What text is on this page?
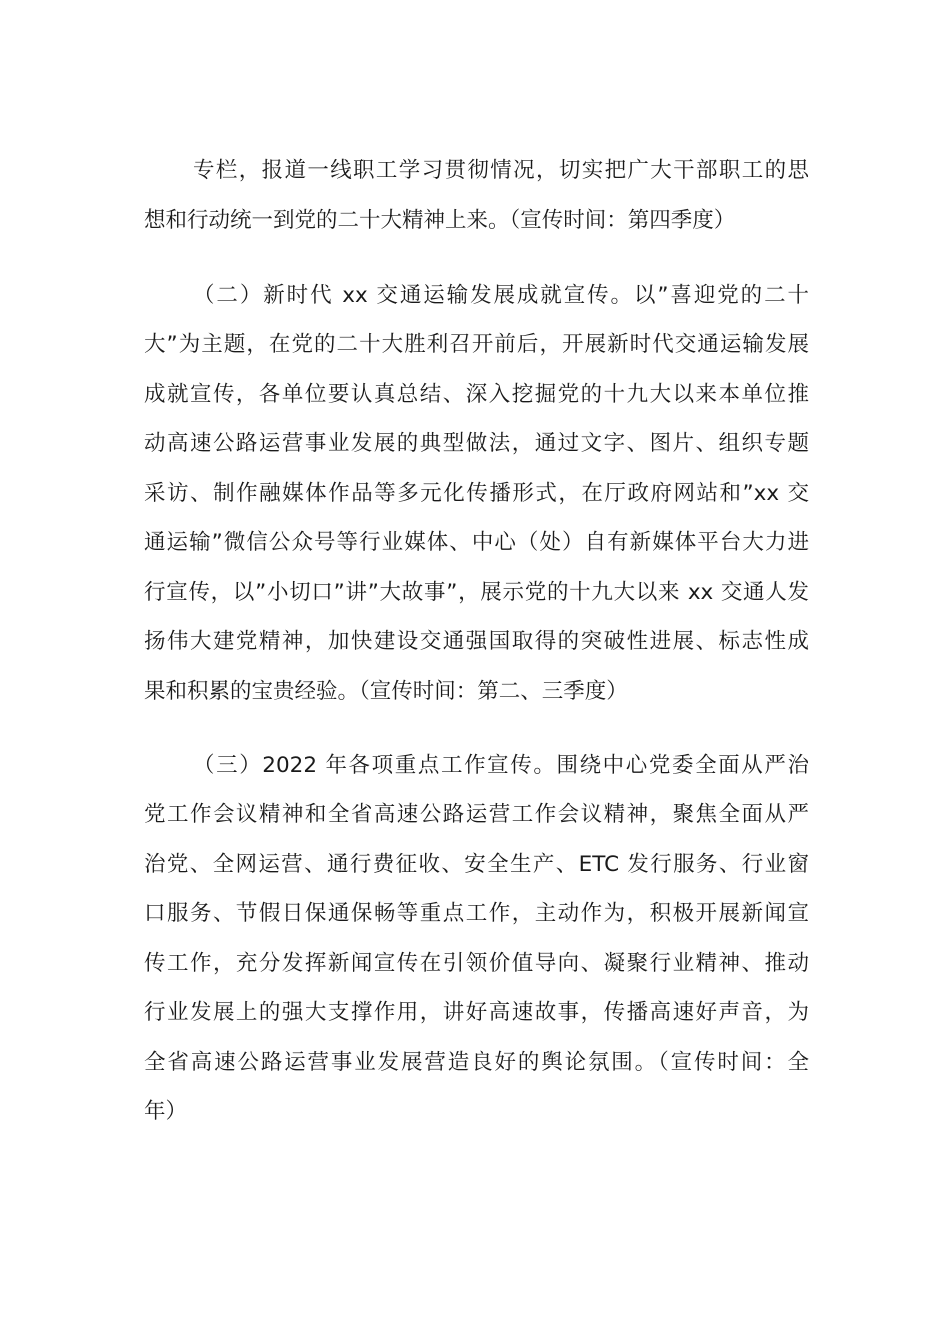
专栏，报道一线职工学习贯彻情况，切实把广大干部职工的思
想和行动统一到党的二十大精神上来。（宣传时间：第四季度）
（二）新时代 xx 交通运输发展成就宣传。以”喜迎党的二十
大”为主题，在党的二十大胜利召开前后，开展新时代交通运输发展
成就宣传，各单位要认真总结、深入挖掘党的十九大以来本单位推
动高速公路运营事业发展的典型做法，通过文字、图片、组织专题
采访、制作融媒体作品等多元化传播形式，在厅政府网站和”xx 交
通运输”微信公众号等行业媒体、中心（处）自有新媒体平台大力进
行宣传，以”小切口”讲”大故事”，展示党的十九大以来 xx 交通人发
扬伟大建党精神，加快建设交通强国取得的突破性进展、标志性成
果和积累的宝贵经验。（宣传时间：第二、三季度）
（三）2022 年各项重点工作宣传。围绕中心党委全面从严治
党工作会议精神和全省高速公路运营工作会议精神，聚焦全面从严
治党、全网运营、通行费征收、安全生产、ETC 发行服务、行业窗
口服务、节假日保通保畅等重点工作，主动作为，积极开展新闻宣
传工作，充分发挥新闻宣传在引领价值导向、凝聚行业精神、推动
行业发展上的强大支撑作用，讲好高速故事，传播高速好声音，为
全省高速公路运营事业发展营造良好的舆论氛围。（宣传时间：全
年）
